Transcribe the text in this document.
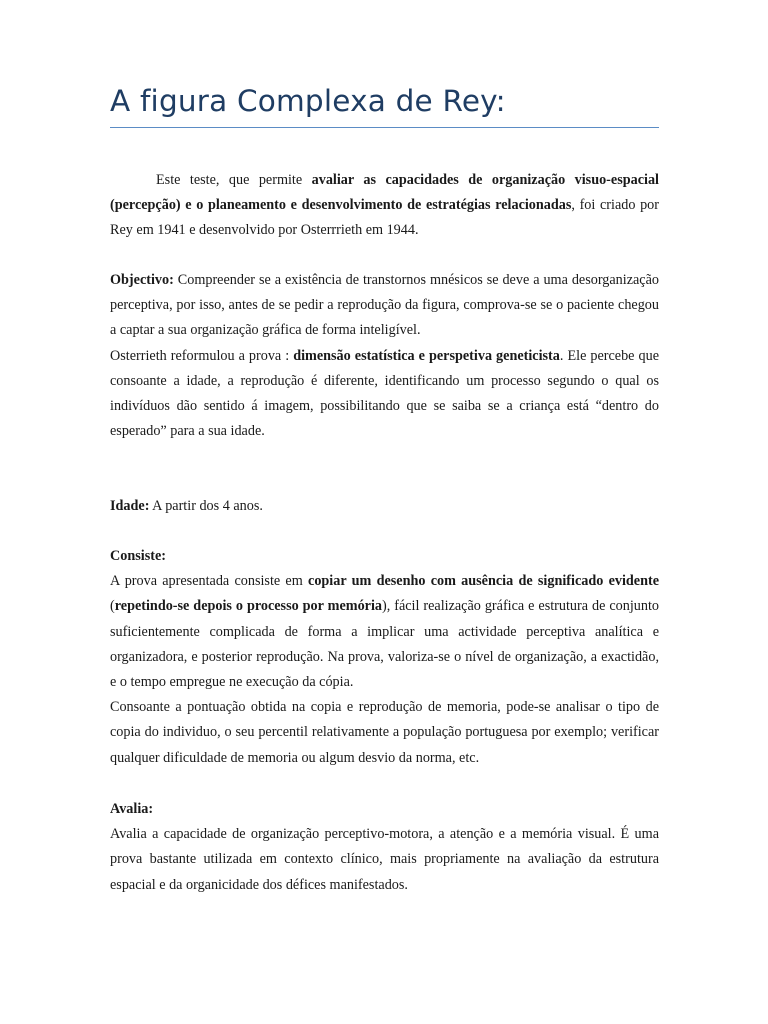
A figura Complexa de Rey:

Este teste, que permite avaliar as capacidades de organização visuo-espacial (percepção) e o planeamento e desenvolvimento de estratégias relacionadas, foi criado por Rey em 1941 e desenvolvido por Osterrrieth em 1944.

Objectivo: Compreender se a existência de transtornos mnésicos se deve a uma desorganização perceptiva, por isso, antes de se pedir a reprodução da figura, comprova-se se o paciente chegou a captar a sua organização gráfica de forma inteligível.

Osterrieth reformulou a prova : dimensão estatística e perspetiva geneticista. Ele percebe que consoante a idade, a reprodução é diferente, identificando um processo segundo o qual os indivíduos dão sentido á imagem, possibilitando que se saiba se a criança está “dentro do esperado” para a sua idade.

Idade: A partir dos 4 anos.

Consiste:

A prova apresentada consiste em copiar um desenho com ausência de significado evidente (repetindo-se depois o processo por memória), fácil realização gráfica e estrutura de conjunto suficientemente complicada de forma a implicar uma actividade perceptiva analítica e organizadora, e posterior reprodução. Na prova, valoriza-se o nível de organização, a exactidão, e o tempo empregue ne execução da cópia.

Consoante a pontuação obtida na copia e reprodução de memoria, pode-se analisar o tipo de copia do individuo, o seu percentil relativamente a população portuguesa por exemplo; verificar qualquer dificuldade de memoria ou algum desvio da norma, etc.

Avalia:

Avalia a capacidade de organização perceptivo-motora, a atenção e a memória visual. É uma prova bastante utilizada em contexto clínico, mais propriamente na avaliação da estrutura espacial e da organicidade dos défices manifestados.
